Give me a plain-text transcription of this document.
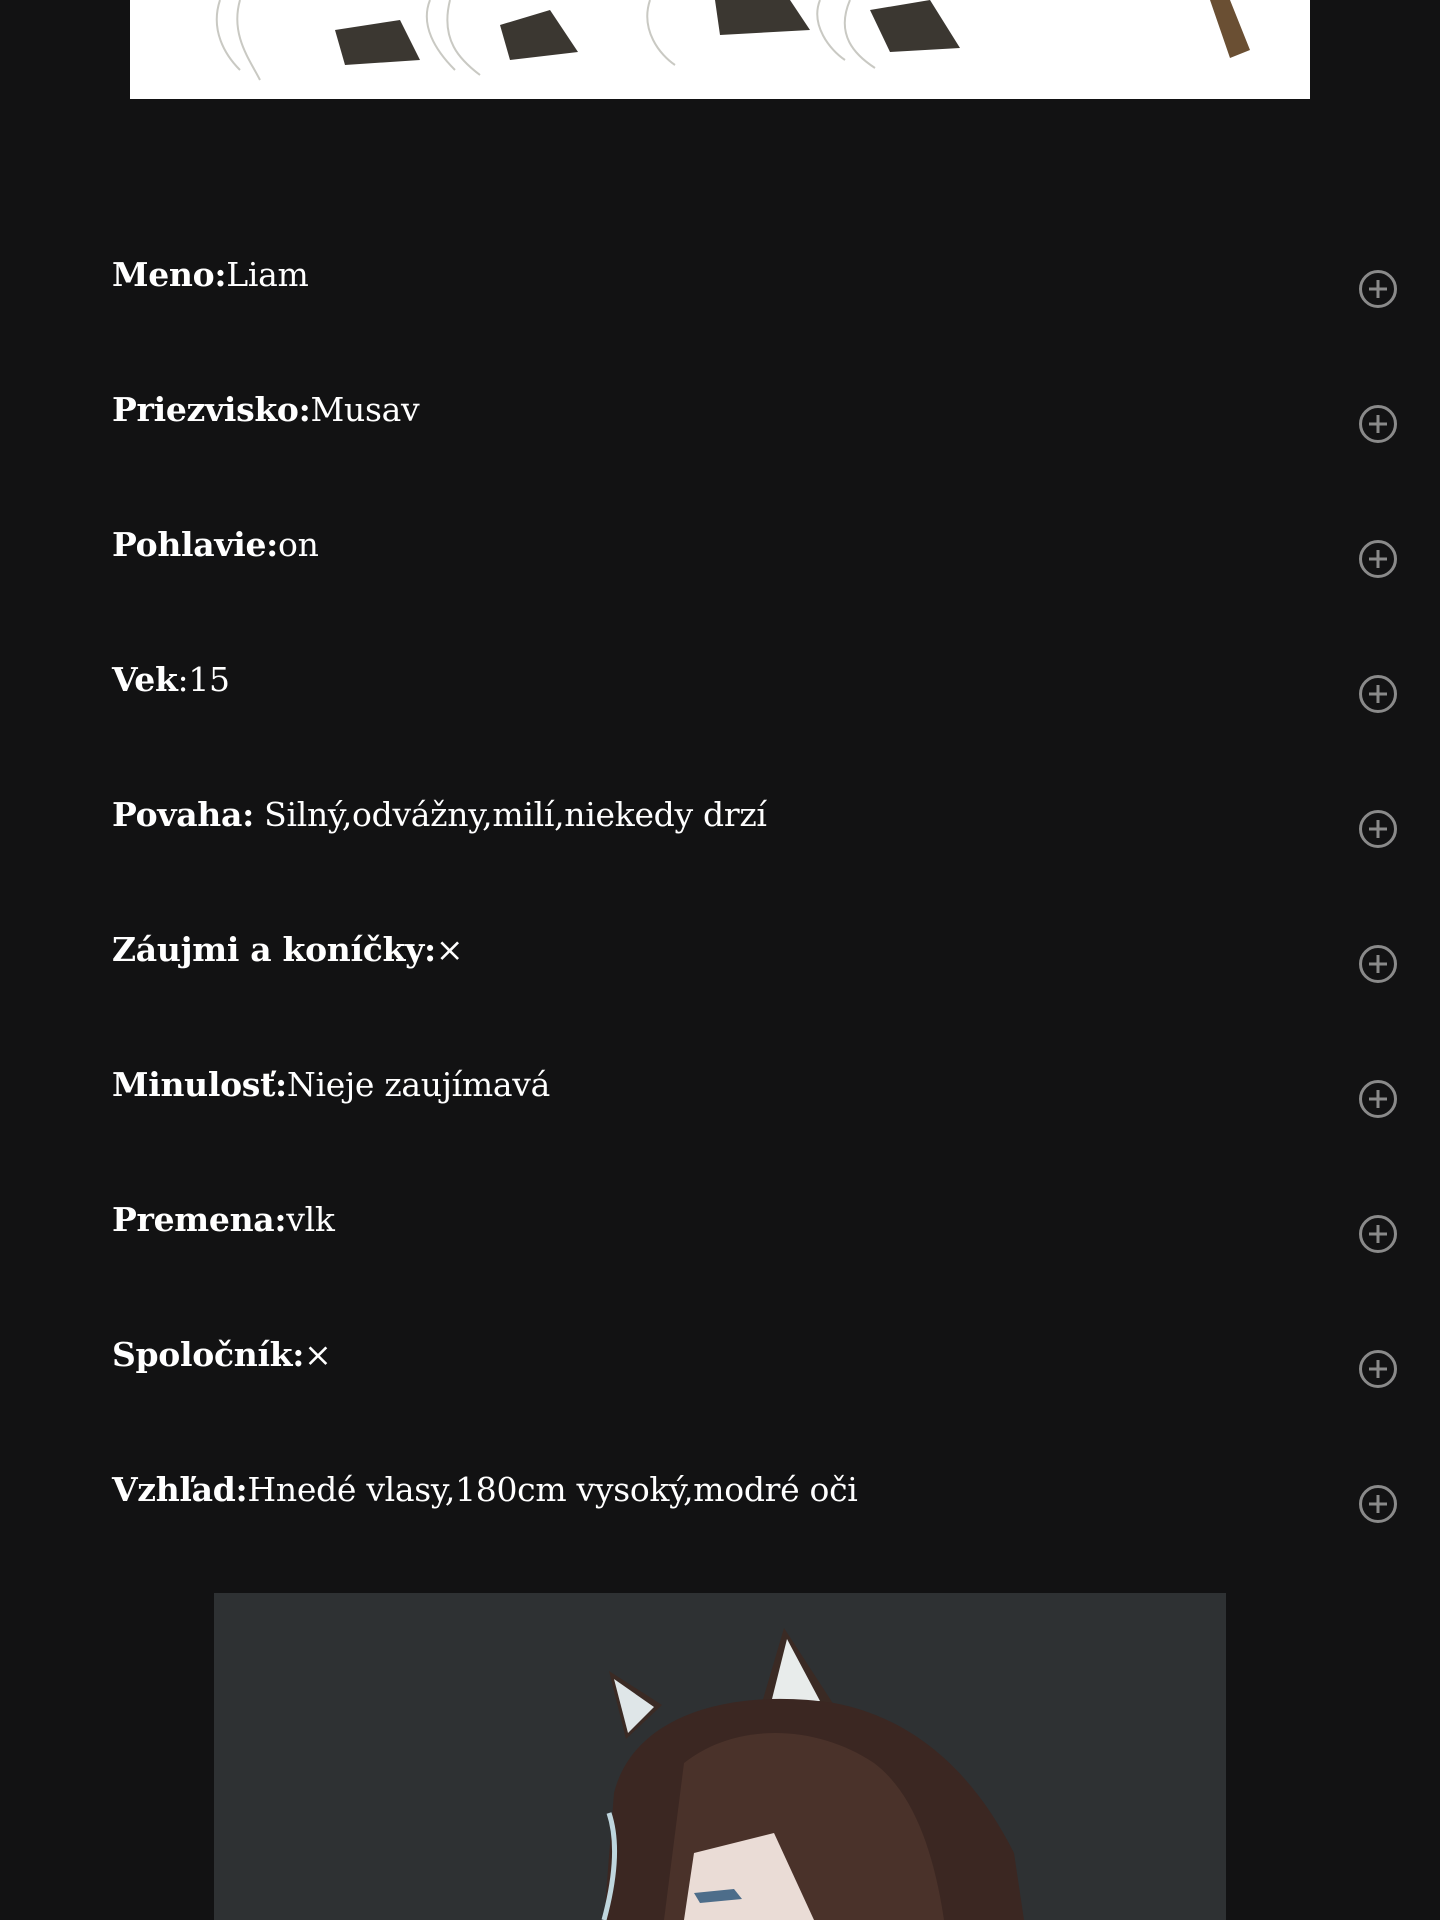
Meno:Liam
Priezvisko:Musav
Pohlavie:on
Vek:15
Povaha: Silný,odvážny,milí,niekedy drzí
Záujmi a koníčky:×
Minulosť:Nieje zaujímavá
Premena:vlk
Spoločník:×
Vzhľad:Hnedé vlasy,180cm vysoký,modré oči
